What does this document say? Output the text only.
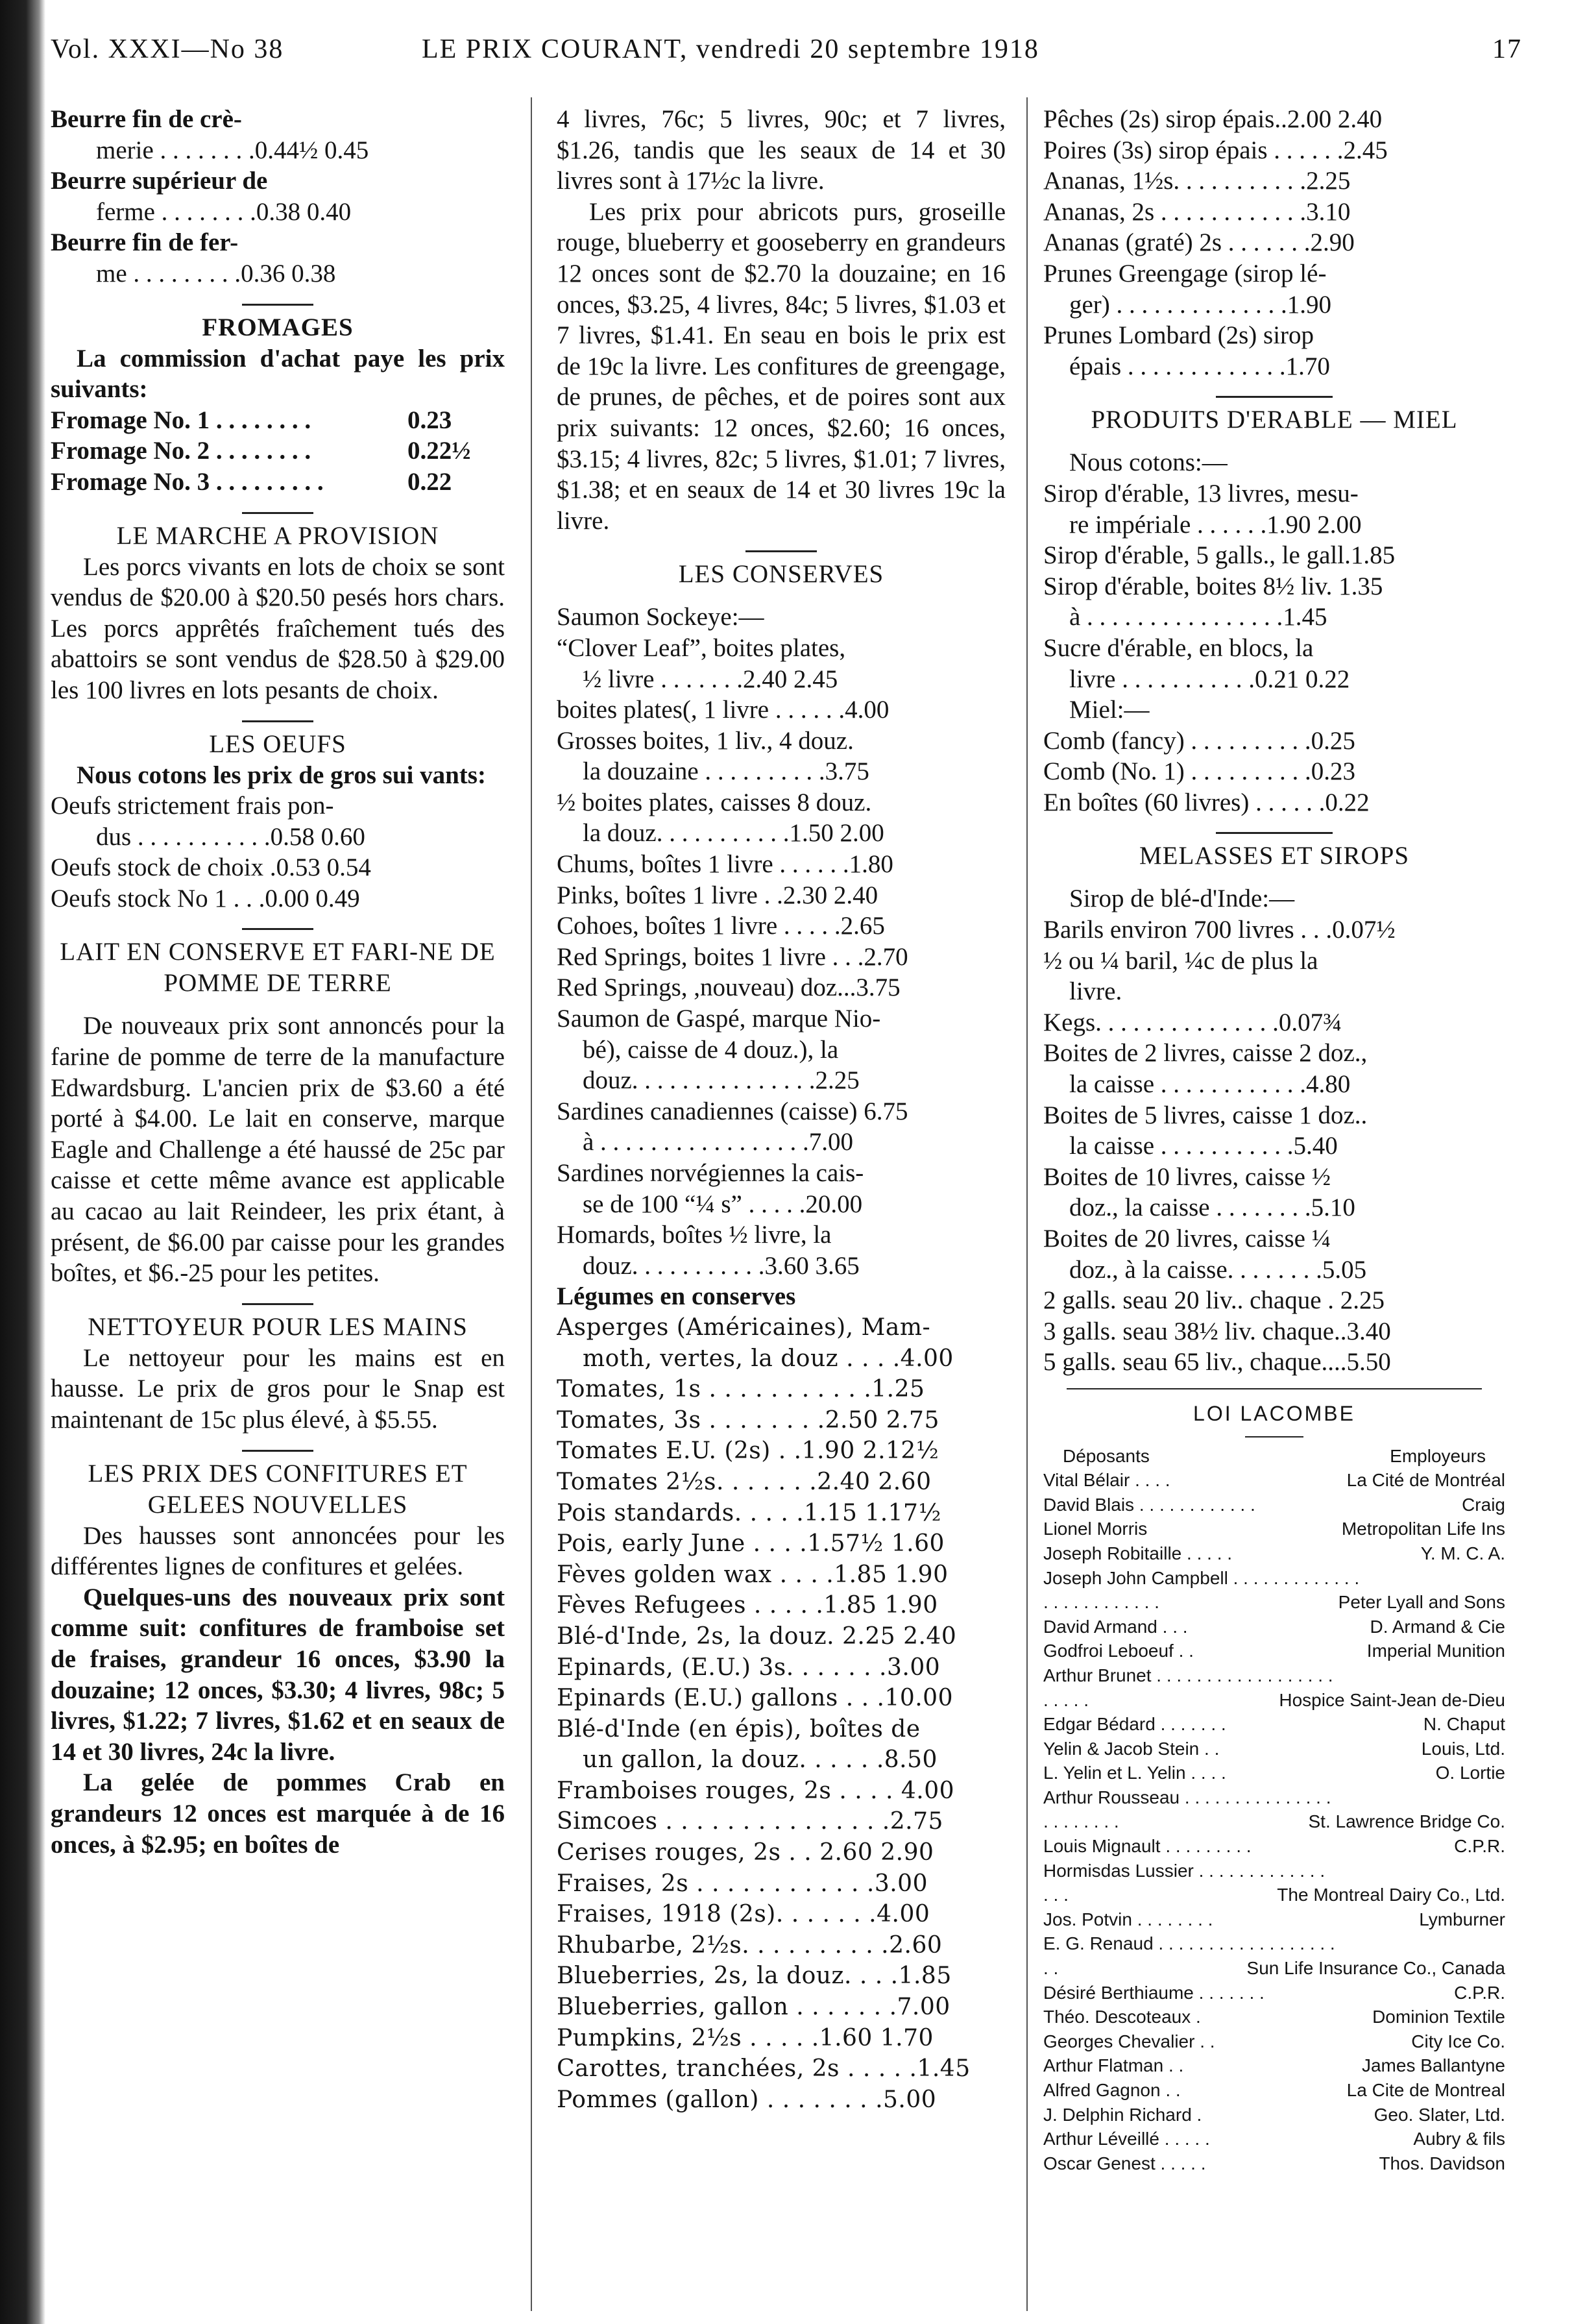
Vol. XXXI—No 38	LE PRIX COURANT, vendredi 20 septembre 1918	17
Beurre fin de crè-
merie . . . . . . . .0.44½ 0.45
Beurre supérieur de
ferme . . . . . . . .0.38 0.40
Beurre fin de fer-
me . . . . . . . . .0.36 0.38
FROMAGES
La commission d'achat paye les prix suivants:
Fromage No. 1 . . . . . . . .	0.23
Fromage No. 2 . . . . . . . .	0.22½
Fromage No. 3 . . . . . . . . .	0.22
LE MARCHE A PROVISION
Les porcs vivants en lots de choix se sont vendus de $20.00 à $20.50 pesés hors chars. Les porcs apprêtés fraîchement tués des abattoirs se sont vendus de $28.50 à $29.00 les 100 livres en lots pesants de choix.
LES OEUFS
Nous cotons les prix de gros sui vants:
Oeufs strictement frais pon-
dus . . . . . . . . . . .0.58 0.60
Oeufs stock de choix .0.53 0.54
Oeufs stock No 1 . . .0.00 0.49
LAIT EN CONSERVE ET FARI-NE DE POMME DE TERRE
De nouveaux prix sont annoncés pour la farine de pomme de terre de la manufacture Edwardsburg. L'ancien prix de $3.60 a été porté à $4.00. Le lait en conserve, marque Eagle and Challenge a été haussé de 25c par caisse et cette même avance est applicable au cacao au lait Reindeer, les prix étant, à présent, de $6.00 par caisse pour les grandes boîtes, et $6.-25 pour les petites.
NETTOYEUR POUR LES MAINS
Le nettoyeur pour les mains est en hausse. Le prix de gros pour le Snap est maintenant de 15c plus élevé, à $5.55.
LES PRIX DES CONFITURES ET GELEES NOUVELLES
Des hausses sont annoncées pour les différentes lignes de confitures et gelées.
Quelques-uns des nouveaux prix sont comme suit: confitures de framboise set de fraises, grandeur 16 onces, $3.90 la douzaine; 12 onces, $3.30; 4 livres, 98c; 5 livres, $1.22; 7 livres, $1.62 et en seaux de 14 et 30 livres, 24c la livre.
La gelée de pommes Crab en grandeurs 12 onces est marquée à de 16 onces, à $2.95; en boîtes de
4 livres, 76c; 5 livres, 90c; et 7 livres, $1.26, tandis que les seaux de 14 et 30 livres sont à 17½c la livre.
Les prix pour abricots purs, groseille rouge, blueberry et gooseberry en grandeurs 12 onces sont de $2.70 la douzaine; en 16 onces, $3.25, 4 livres, 84c; 5 livres, $1.03 et 7 livres, $1.41. En seau en bois le prix est de 19c la livre. Les confitures de greengage, de prunes, de pêches, et de poires sont aux prix suivants: 12 onces, $2.60; 16 onces, $3.15; 4 livres, 82c; 5 livres, $1.01; 7 livres, $1.38; et en seaux de 14 et 30 livres 19c la livre.
LES CONSERVES
Saumon Sockeye:—
“Clover Leaf”, boites plates,
½ livre . . . . . . .2.40 2.45
boites plates(, 1 livre . . . . . .4.00
Grosses boites, 1 liv., 4 douz.
la douzaine . . . . . . . . . .3.75
½ boites plates, caisses 8 douz.
la douz. . . . . . . . . . .1.50 2.00
Chums, boîtes 1 livre . . . . . .1.80
Pinks, boîtes 1 livre . .2.30 2.40
Cohoes, boîtes 1 livre . . . . .2.65
Red Springs, boites 1 livre . . .2.70
Red Springs, ,nouveau) doz...3.75
Saumon de Gaspé, marque Nio-
bé), caisse de 4 douz.), la
douz. . . . . . . . . . . . . . .2.25
Sardines canadiennes (caisse) 6.75
à . . . . . . . . . . . . . . . . .7.00
Sardines norvégiennes la cais-
se de 100 “¼ s” . . . . .20.00
Homards, boîtes ½ livre, la
douz. . . . . . . . . . .3.60 3.65
Légumes en conserves
Asperges (Américaines), Mam-
moth, vertes, la douz . . . .4.00
Tomates, 1s . . . . . . . . . . .1.25
Tomates, 3s . . . . . . . .2.50 2.75
Tomates E.U. (2s) . .1.90 2.12½
Tomates 2½s. . . . . . .2.40 2.60
Pois standards. . . . .1.15 1.17½
Pois, early June . . . .1.57½ 1.60
Fèves golden wax . . . .1.85 1.90
Fèves Refugees . . . . .1.85 1.90
Blé-d'Inde, 2s, la douz. 2.25 2.40
Epinards, (E.U.) 3s. . . . . . .3.00
Epinards (E.U.) gallons . . .10.00
Blé-d'Inde (en épis), boîtes de
un gallon, la douz. . . . . .8.50
Framboises rouges, 2s . . . . 4.00
Simcoes . . . . . . . . . . . . . . .2.75
Cerises rouges, 2s . . 2.60 2.90
Fraises, 2s . . . . . . . . . . . .3.00
Fraises, 1918 (2s). . . . . . .4.00
Rhubarbe, 2½s. . . . . . . . . .2.60
Blueberries, 2s, la douz. . . .1.85
Blueberries, gallon . . . . . . .7.00
Pumpkins, 2½s . . . . .1.60 1.70
Carottes, tranchées, 2s . . . . .1.45
Pommes (gallon) . . . . . . . .5.00
Pêches (2s) sirop épais..2.00 2.40
Poires (3s) sirop épais . . . . . .2.45
Ananas, 1½s. . . . . . . . . . .2.25
Ananas, 2s . . . . . . . . . . . .3.10
Ananas (graté) 2s . . . . . . .2.90
Prunes Greengage (sirop lé-
ger) . . . . . . . . . . . . . .1.90
Prunes Lombard (2s) sirop
épais . . . . . . . . . . . . .1.70
PRODUITS D'ERABLE — MIEL
Nous cotons:—
Sirop d'érable, 13 livres, mesu-
re impériale . . . . . .1.90 2.00
Sirop d'érable, 5 galls., le gall.1.85
Sirop d'érable, boites 8½ liv. 1.35
à . . . . . . . . . . . . . . . .1.45
Sucre d'érable, en blocs, la
livre . . . . . . . . . . .0.21 0.22
Miel:—
Comb (fancy) . . . . . . . . . .0.25
Comb (No. 1) . . . . . . . . . .0.23
En boîtes (60 livres) . . . . . .0.22
MELASSES ET SIROPS
Sirop de blé-d'Inde:—
Barils environ 700 livres . . .0.07½
½ ou ¼ baril, ¼c de plus la
livre.
Kegs. . . . . . . . . . . . . . .0.07¾
Boites de 2 livres, caisse 2 doz.,
la caisse . . . . . . . . . . . .4.80
Boites de 5 livres, caisse 1 doz..
la caisse . . . . . . . . . . .5.40
Boites de 10 livres, caisse ½
doz., la caisse . . . . . . . .5.10
Boites de 20 livres, caisse ¼
doz., à la caisse. . . . . . . .5.05
2 galls. seau 20 liv.. chaque . 2.25
3 galls. seau 38½ liv. chaque..3.40
5 galls. seau 65 liv., chaque....5.50
LOI LACOMBE
Déposants	Employeurs
Vital Bélair . . . .	La Cité de Montréal
David Blais . . . . . . . . . . . .	Craig
Lionel Morris	Metropolitan Life Ins
Joseph Robitaille . . . . .	Y. M. C. A.
Joseph John Campbell . . . . . . . . . . . . .
. . . . . . . . . . . .	Peter Lyall and Sons
David Armand . . .	D. Armand & Cie
Godfroi Leboeuf . .	Imperial Munition
Arthur Brunet . . . . . . . . . . . . . . . . . .
. . . . .	Hospice Saint-Jean de-Dieu
Edgar Bédard . . . . . . .	N. Chaput
Yelin & Jacob Stein . .	Louis, Ltd.
L. Yelin et L. Yelin . . . .	O. Lortie
Arthur Rousseau . . . . . . . . . . . . . . .
. . . . . . . .	St. Lawrence Bridge Co.
Louis Mignault . . . . . . . . .	C.P.R.
Hormisdas Lussier . . . . . . . . . . . . .
. . .	The Montreal Dairy Co., Ltd.
Jos. Potvin . . . . . . . .	Lymburner
E. G. Renaud . . . . . . . . . . . . . . . . . .
. .	Sun Life Insurance Co., Canada
Désiré Berthiaume . . . . . . .	C.P.R.
Théo. Descoteaux .	Dominion Textile
Georges Chevalier . .	City Ice Co.
Arthur Flatman . .	James Ballantyne
Alfred Gagnon . .	La Cite de Montreal
J. Delphin Richard .	Geo. Slater, Ltd.
Arthur Léveillé . . . . .	Aubry & fils
Oscar Genest . . . . .	Thos. Davidson
